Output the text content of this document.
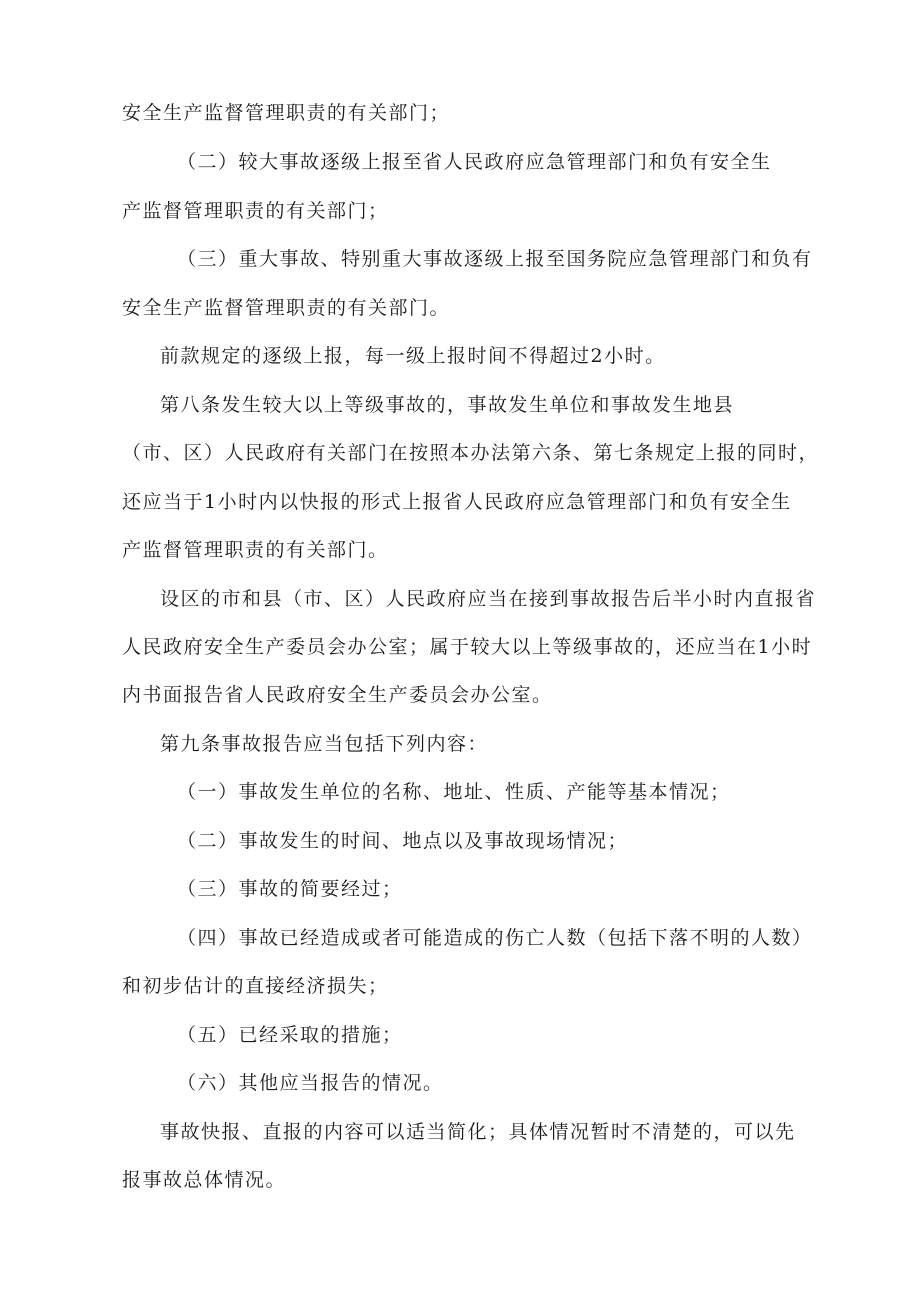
安全生产监督管理职责的有关部门；
（二）较大事故逐级上报至省人民政府应急管理部门和负有安全生
产监督管理职责的有关部门；
（三）重大事故、特别重大事故逐级上报至国务院应急管理部门和负有
安全生产监督管理职责的有关部门。
前款规定的逐级上报，每一级上报时间不得超过2小时。
第八条发生较大以上等级事故的，事故发生单位和事故发生地县
（市、区）人民政府有关部门在按照本办法第六条、第七条规定上报的同时，
还应当于1小时内以快报的形式上报省人民政府应急管理部门和负有安全生
产监督管理职责的有关部门。
设区的市和县（市、区）人民政府应当在接到事故报告后半小时内直报省
人民政府安全生产委员会办公室；属于较大以上等级事故的，还应当在1小时
内书面报告省人民政府安全生产委员会办公室。
第九条事故报告应当包括下列内容：
（一）事故发生单位的名称、地址、性质、产能等基本情况；
（二）事故发生的时间、地点以及事故现场情况；
（三）事故的简要经过；
（四）事故已经造成或者可能造成的伤亡人数（包括下落不明的人数）
和初步估计的直接经济损失；
（五）已经采取的措施；
（六）其他应当报告的情况。
事故快报、直报的内容可以适当简化；具体情况暂时不清楚的，可以先
报事故总体情况。
